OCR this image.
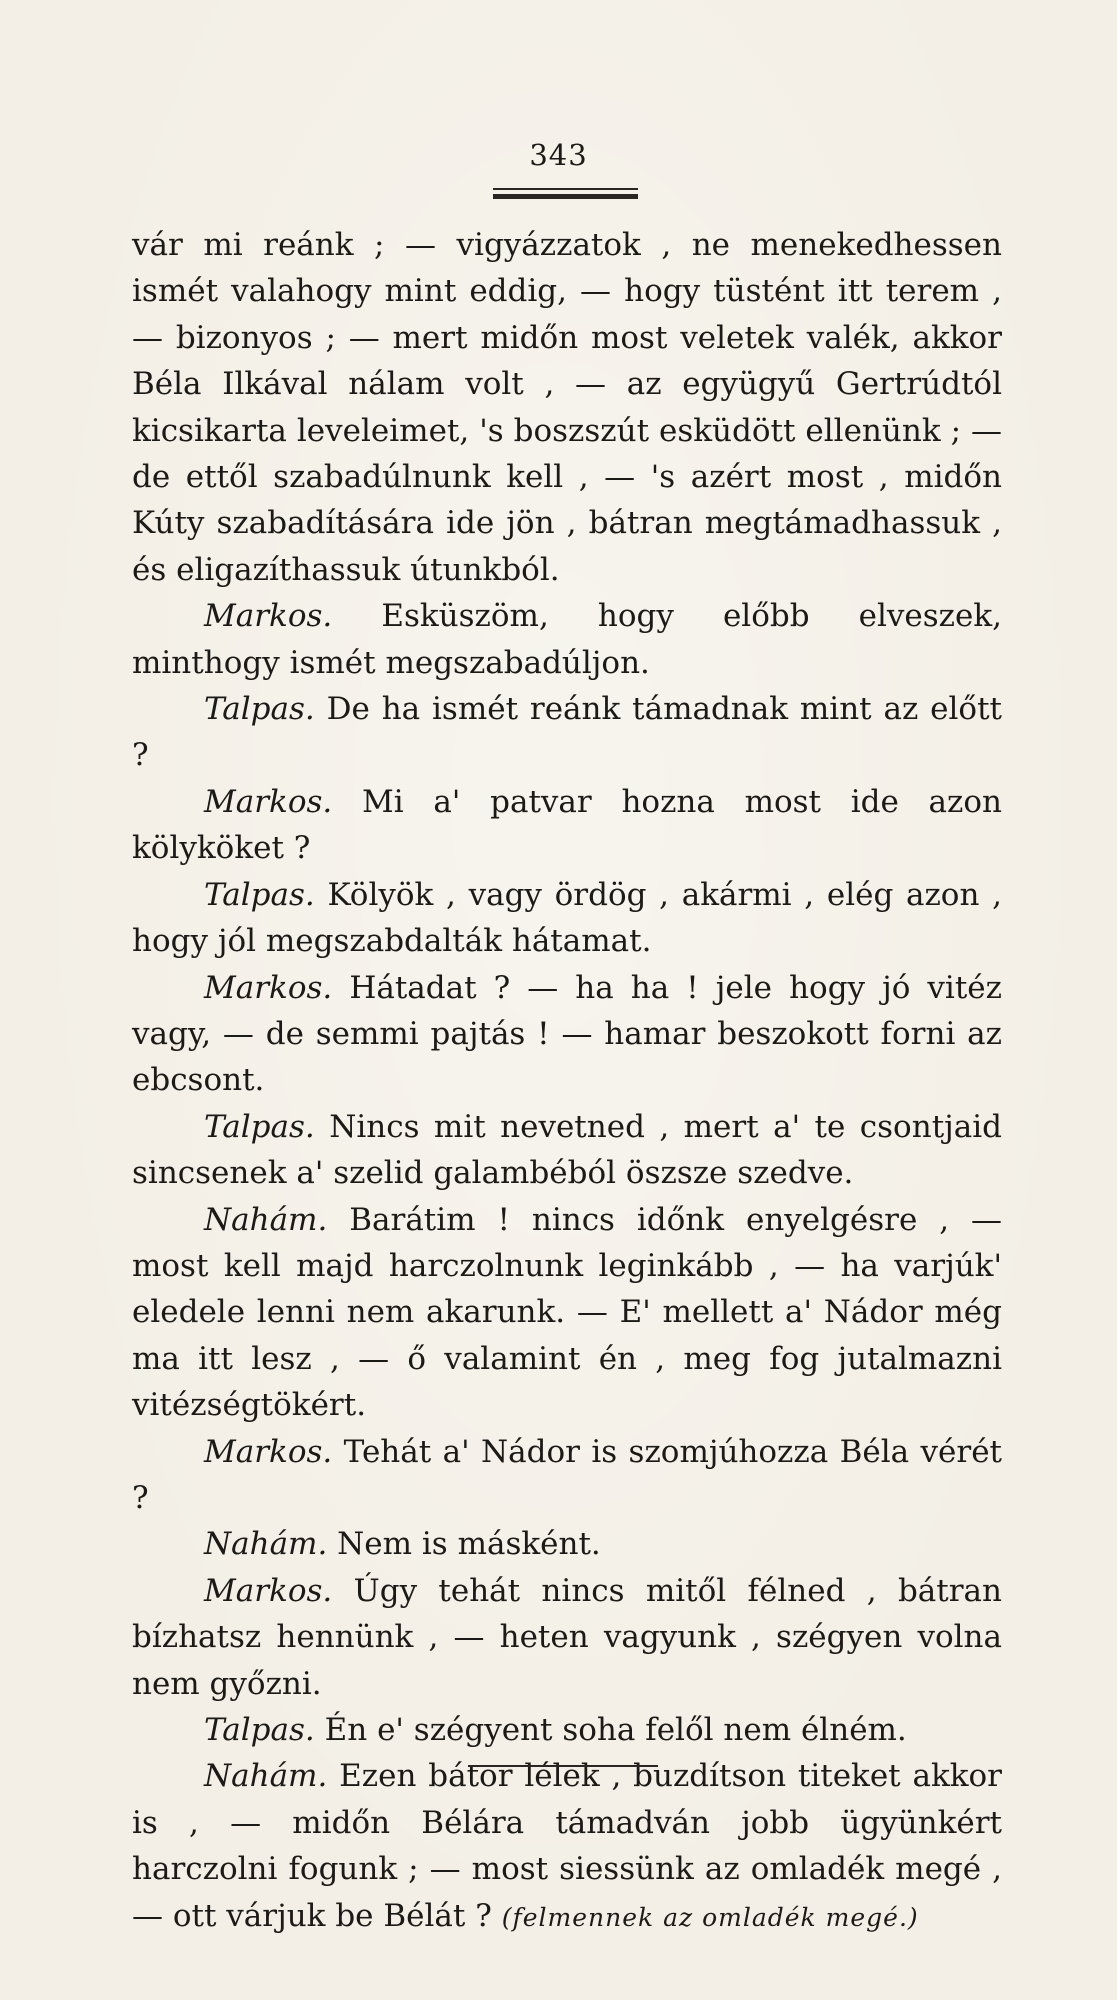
343

vár mi reánk ; — vigyázzatok , ne menekedhessen ismét valahogy mint eddig, — hogy tüstént itt terem , — bizonyos ; — mert midőn most veletek valék, akkor Béla Ilkával nálam volt , — az együgyű Gertrúdtól kicsikarta leveleimet, 's boszszút esküdött ellenünk ; — de ettől szabadúlnunk kell , — 's azért most , midőn Kúty szabadítására ide jön , bátran megtámadhassuk , és eligazíthassuk útunkból.

Markos. Esküszöm, hogy előbb elveszek, minthogy ismét megszabadúljon.

Talpas. De ha ismét reánk támadnak mint az előtt ?

Markos. Mi a' patvar hozna most ide azon kölyköket ?

Talpas. Kölyök , vagy ördög , akármi , elég azon , hogy jól megszabdalták hátamat.

Markos. Hátadat ? — ha ha ! jele hogy jó vitéz vagy, — de semmi pajtás ! — hamar beszokott forni az ebcsont.

Talpas. Nincs mit nevetned , mert a' te csontjaid sincsenek a' szelid galambéból öszsze szedve.

Nahám. Barátim ! nincs időnk enyelgésre , — most kell majd harczolnunk leginkább , — ha varjúk' eledele lenni nem akarunk. — E' mellett a' Nádor még ma itt lesz , — ő valamint én , meg fog jutalmazni vitézségtökért.

Markos. Tehát a' Nádor is szomjúhozza Béla vérét ?

Nahám. Nem is másként.

Markos. Úgy tehát nincs mitől félned , bátran bízhatsz hennünk , — heten vagyunk , szégyen volna nem győzni.

Talpas. Én e' szégyent soha felől nem élném.

Nahám. Ezen bátor lélek , buzdítson titeket akkor is , — midőn Bélára támadván jobb ügyünkért harczolni fogunk ; — most siessünk az omladék megé , — ott várjuk be Bélát ? (felmennek az omladék megé.)
